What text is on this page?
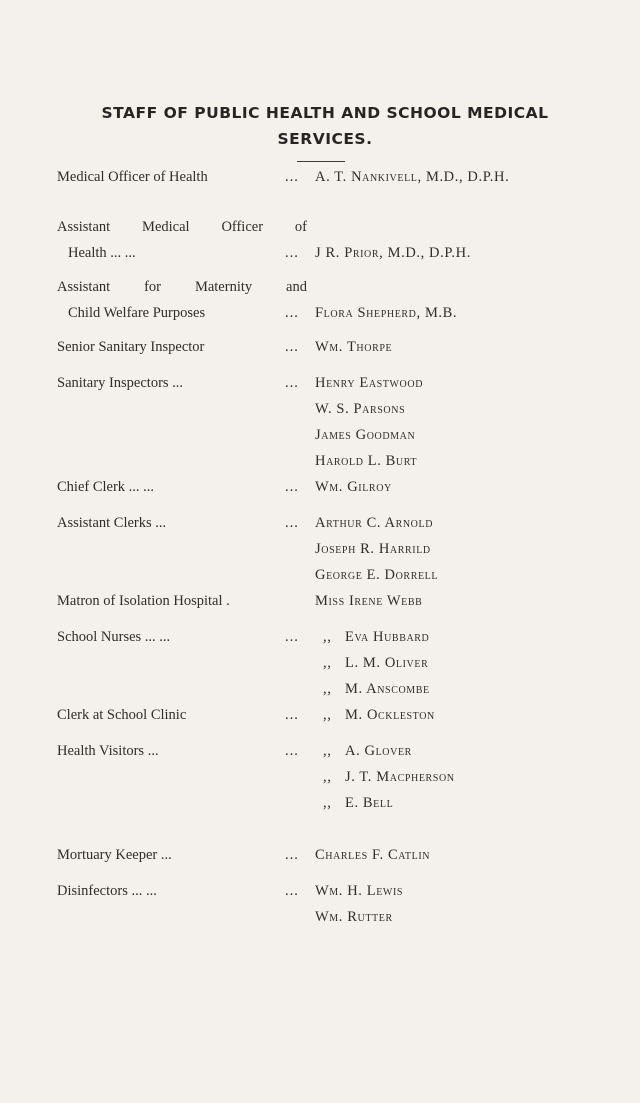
STAFF OF PUBLIC HEALTH AND SCHOOL MEDICAL
SERVICES.
Medical Officer of Health	... A. T. Nankivell, M.D., D.P.H.
Assistant Medical Officer of
Health ... ...	... J R. Prior, M.D., D.P.H.
Assistant for Maternity and
Child Welfare Purposes	... Flora Shepherd, M.B.
Senior Sanitary Inspector	... Wm. Thorpe
Sanitary Inspectors ...	... Henry Eastwood
W. S. Parsons
James Goodman
Harold L. Burt
Chief Clerk ... ...	... Wm. Gilroy
Assistant Clerks ...	... Arthur C. Arnold
Joseph R. Harrild
George E. Dorrell
Matron of Isolation Hospital .	Miss Irene Webb
School Nurses ... ...	...	,, Eva Hubbard
,, L. M. Oliver
,, M. Anscombe
Clerk at School Clinic	...	,, M. Ockleston
Health Visitors ...	...	,, A. Glover
,, J. T. Macpherson
,, E. Bell
Mortuary Keeper ...	... Charles F. Catlin
Disinfectors ... ...	... Wm. H. Lewis
Wm. Rutter
